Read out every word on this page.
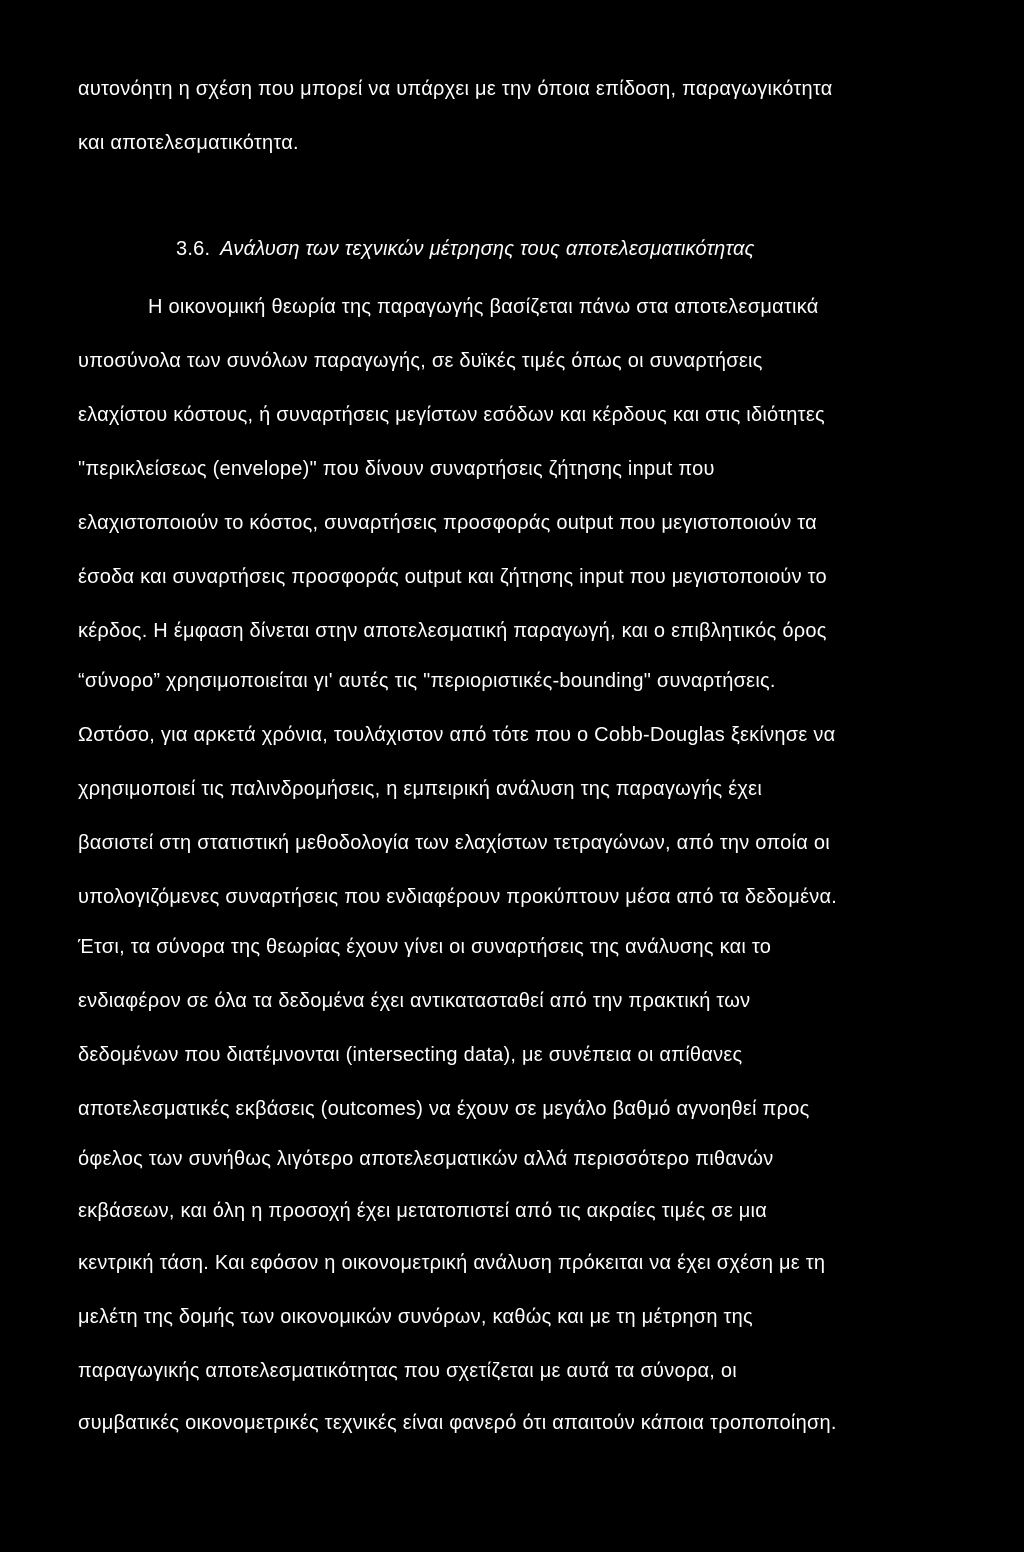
αυτονόητη η σχέση που μπορεί να υπάρχει με την όποια επίδοση, παραγωγικότητα
και αποτελεσματικότητα.
3.6. Ανάλυση των τεχνικών μέτρησης τους αποτελεσματικότητας
Η οικονομική θεωρία της παραγωγής βασίζεται πάνω στα αποτελεσματικά
υποσύνολα των συνόλων παραγωγής, σε δυϊκές τιμές όπως οι συναρτήσεις
ελαχίστου κόστους, ή συναρτήσεις μεγίστων εσόδων και κέρδους και στις ιδιότητες
"περικλείσεως (envelope)" που δίνουν συναρτήσεις ζήτησης input που
ελαχιστοποιούν το κόστος, συναρτήσεις προσφοράς output που μεγιστοποιούν τα
έσοδα και συναρτήσεις προσφοράς output και ζήτησης input που μεγιστοποιούν το
κέρδος. Η έμφαση δίνεται στην αποτελεσματική παραγωγή, και ο επιβλητικός όρος
“σύνορο” χρησιμοποιείται γι' αυτές τις "περιοριστικές-bounding" συναρτήσεις.
Ωστόσο, για αρκετά χρόνια, τουλάχιστον από τότε που ο Cobb-Douglas ξεκίνησε να
χρησιμοποιεί τις παλινδρομήσεις, η εμπειρική ανάλυση της παραγωγής έχει
βασιστεί στη στατιστική μεθοδολογία των ελαχίστων τετραγώνων, από την οποία οι
υπολογιζόμενες συναρτήσεις που ενδιαφέρουν προκύπτουν μέσα από τα δεδομένα.
Έτσι, τα σύνορα της θεωρίας έχουν γίνει οι συναρτήσεις της ανάλυσης και το
ενδιαφέρον σε όλα τα δεδομένα έχει αντικατασταθεί από την πρακτική των
δεδομένων που διατέμνονται (intersecting data), με συνέπεια οι απίθανες
αποτελεσματικές εκβάσεις (outcomes) να έχουν σε μεγάλο βαθμό αγνοηθεί προς
όφελος των συνήθως λιγότερο αποτελεσματικών αλλά περισσότερο πιθανών
εκβάσεων, και όλη η προσοχή έχει μετατοπιστεί από τις ακραίες τιμές σε μια
κεντρική τάση. Και εφόσον η οικονομετρική ανάλυση πρόκειται να έχει σχέση με τη
μελέτη της δομής των οικονομικών συνόρων, καθώς και με τη μέτρηση της
παραγωγικής αποτελεσματικότητας που σχετίζεται με αυτά τα σύνορα, οι
συμβατικές οικονομετρικές τεχνικές είναι φανερό ότι απαιτούν κάποια τροποποίηση.
